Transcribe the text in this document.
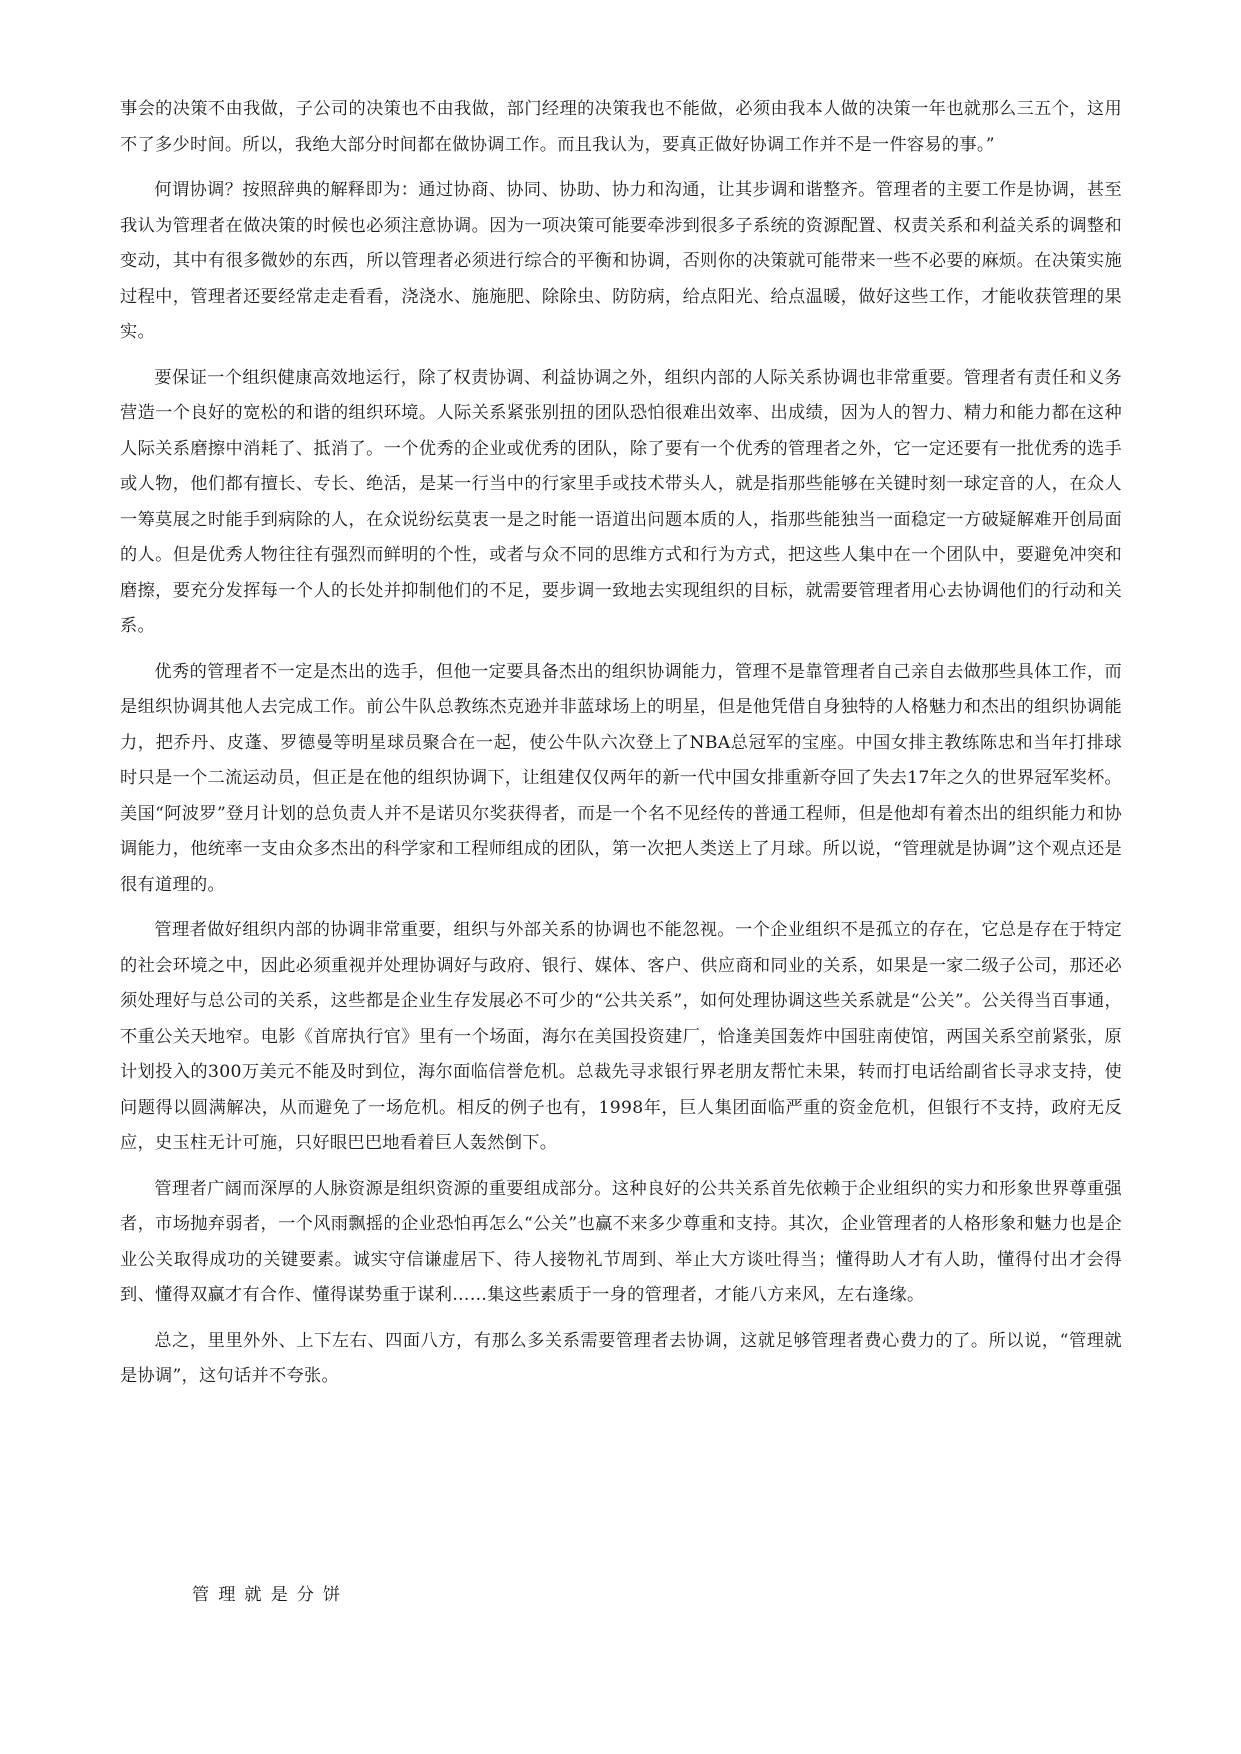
事会的决策不由我做，子公司的决策也不由我做，部门经理的决策我也不能做，必须由我本人做的决策一年也就那么三五个，这用不了多少时间。所以，我绝大部分时间都在做协调工作。而且我认为，要真正做好协调工作并不是一件容易的事。”

何谓协调？按照辞典的解释即为：通过协商、协同、协助、协力和沟通，让其步调和谐整齐。管理者的主要工作是协调，甚至我认为管理者在做决策的时候也必须注意协调。因为一项决策可能要牵涉到很多子系统的资源配置、权责关系和利益关系的调整和变动，其中有很多微妙的东西，所以管理者必须进行综合的平衡和协调，否则你的决策就可能带来一些不必要的麻烦。在决策实施过程中，管理者还要经常走走看看，浇浇水、施施肥、除除虫、防防病，给点阳光、给点温暖，做好这些工作，才能收获管理的果实。

要保证一个组织健康高效地运行，除了权责协调、利益协调之外，组织内部的人际关系协调也非常重要。管理者有责任和义务营造一个良好的宽松的和谐的组织环境。人际关系紧张别扭的团队恐怕很难出效率、出成绩，因为人的智力、精力和能力都在这种人际关系磨擦中消耗了、抵消了。一个优秀的企业或优秀的团队，除了要有一个优秀的管理者之外，它一定还要有一批优秀的选手或人物，他们都有擅长、专长、绝活，是某一行当中的行家里手或技术带头人，就是指那些能够在关键时刻一球定音的人，在众人一筹莫展之时能手到病除的人，在众说纷纭莫衷一是之时能一语道出问题本质的人，指那些能独当一面稳定一方破疑解难开创局面的人。但是优秀人物往往有强烈而鲜明的个性，或者与众不同的思维方式和行为方式，把这些人集中在一个团队中，要避免冲突和磨擦，要充分发挥每一个人的长处并抑制他们的不足，要步调一致地去实现组织的目标，就需要管理者用心去协调他们的行动和关系。

优秀的管理者不一定是杰出的选手，但他一定要具备杰出的组织协调能力，管理不是靠管理者自己亲自去做那些具体工作，而是组织协调其他人去完成工作。前公牛队总教练杰克逊并非蓝球场上的明星，但是他凭借自身独特的人格魅力和杰出的组织协调能力，把乔丹、皮蓬、罗德曼等明星球员聚合在一起，使公牛队六次登上了NBA总冠军的宝座。中国女排主教练陈忠和当年打排球时只是一个二流运动员，但正是在他的组织协调下，让组建仅仅两年的新一代中国女排重新夺回了失去17年之久的世界冠军奖杯。美国“阿波罗”登月计划的总负责人并不是诺贝尔奖获得者，而是一个名不见经传的普通工程师，但是他却有着杰出的组织能力和协调能力，他统率一支由众多杰出的科学家和工程师组成的团队，第一次把人类送上了月球。所以说，“管理就是协调”这个观点还是很有道理的。

管理者做好组织内部的协调非常重要，组织与外部关系的协调也不能忽视。一个企业组织不是孤立的存在，它总是存在于特定的社会环境之中，因此必须重视并处理协调好与政府、银行、媒体、客户、供应商和同业的关系，如果是一家二级子公司，那还必须处理好与总公司的关系，这些都是企业生存发展必不可少的“公共关系”，如何处理协调这些关系就是“公关”。公关得当百事通，不重公关天地窄。电影《首席执行官》里有一个场面，海尔在美国投资建厂，恰逢美国轰炸中国驻南使馆，两国关系空前紧张，原计划投入的300万美元不能及时到位，海尔面临信誉危机。总裁先寻求银行界老朋友帮忙未果，转而打电话给副省长寻求支持，使问题得以圆满解决，从而避免了一场危机。相反的例子也有，1998年，巨人集团面临严重的资金危机，但银行不支持，政府无反应，史玉柱无计可施，只好眼巴巴地看着巨人轰然倒下。

管理者广阔而深厚的人脉资源是组织资源的重要组成部分。这种良好的公共关系首先依赖于企业组织的实力和形象世界尊重强者，市场抛弃弱者，一个风雨飘摇的企业恐怕再怎么“公关”也赢不来多少尊重和支持。其次，企业管理者的人格形象和魅力也是企业公关取得成功的关键要素。诚实守信谦虚居下、待人接物礼节周到、举止大方谈吐得当；懂得助人才有人助，懂得付出才会得到、懂得双赢才有合作、懂得谋势重于谋利……集这些素质于一身的管理者，才能八方来风，左右逢缘。

总之，里里外外、上下左右、四面八方，有那么多关系需要管理者去协调，这就足够管理者费心费力的了。所以说，“管理就是协调”，这句话并不夸张。

管理就是分饼
